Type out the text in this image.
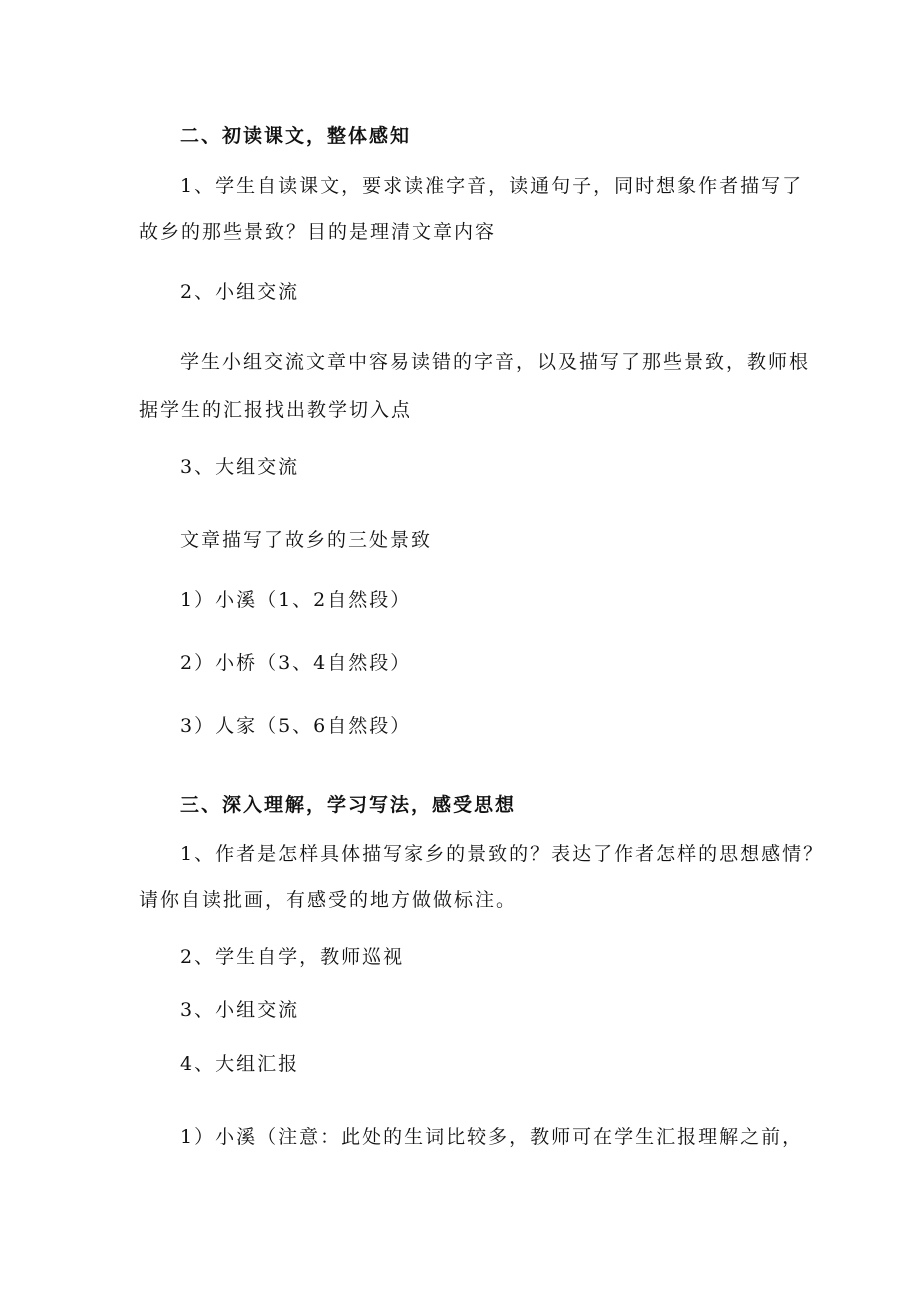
二、初读课文，整体感知
1、学生自读课文，要求读准字音，读通句子，同时想象作者描写了
故乡的那些景致？目的是理清文章内容
2、小组交流
学生小组交流文章中容易读错的字音，以及描写了那些景致，教师根
据学生的汇报找出教学切入点
3、大组交流
文章描写了故乡的三处景致
1）小溪（1、2自然段）
2）小桥（3、4自然段）
3）人家（5、6自然段）
三、深入理解，学习写法，感受思想
1、作者是怎样具体描写家乡的景致的？表达了作者怎样的思想感情？
请你自读批画，有感受的地方做做标注。
2、学生自学，教师巡视
3、小组交流
4、大组汇报
1）小溪（注意：此处的生词比较多，教师可在学生汇报理解之前，
